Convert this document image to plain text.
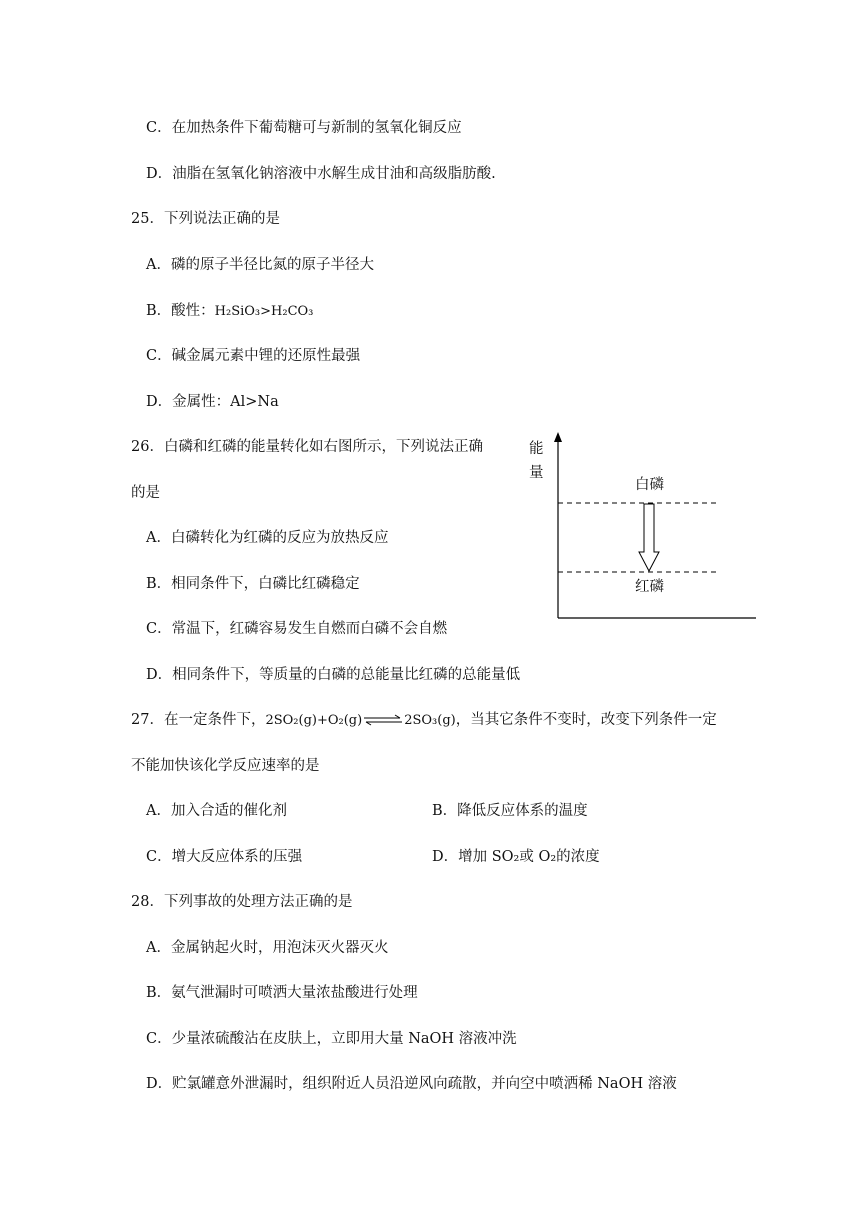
C．在加热条件下葡萄糖可与新制的氢氧化铜反应
D．油脂在氢氧化钠溶液中水解生成甘油和高级脂肪酸.
25．下列说法正确的是
A．磷的原子半径比氮的原子半径大
B．酸性：H₂SiO₃>H₂CO₃
C．碱金属元素中锂的还原性最强
D．金属性：Al>Na
26．白磷和红磷的能量转化如右图所示，下列说法正确
的是
A．白磷转化为红磷的反应为放热反应
B．相同条件下，白磷比红磷稳定
C．常温下，红磷容易发生自燃而白磷不会自燃
D．相同条件下，等质量的白磷的总能量比红磷的总能量低
能
量
白磷
红磷
27．在一定条件下，2SO₂(g)+O₂(g) ⇌ 2SO₃(g)，当其它条件不变时，改变下列条件一定
不能加快该化学反应速率的是
A．加入合适的催化剂	B．降低反应体系的温度
C．增大反应体系的压强	D．增加 SO₂或 O₂的浓度
28．下列事故的处理方法正确的是
A．金属钠起火时，用泡沫灭火器灭火
B．氨气泄漏时可喷洒大量浓盐酸进行处理
C．少量浓硫酸沾在皮肤上，立即用大量 NaOH 溶液冲洗
D．贮氯罐意外泄漏时，组织附近人员沿逆风向疏散，并向空中喷洒稀 NaOH 溶液
